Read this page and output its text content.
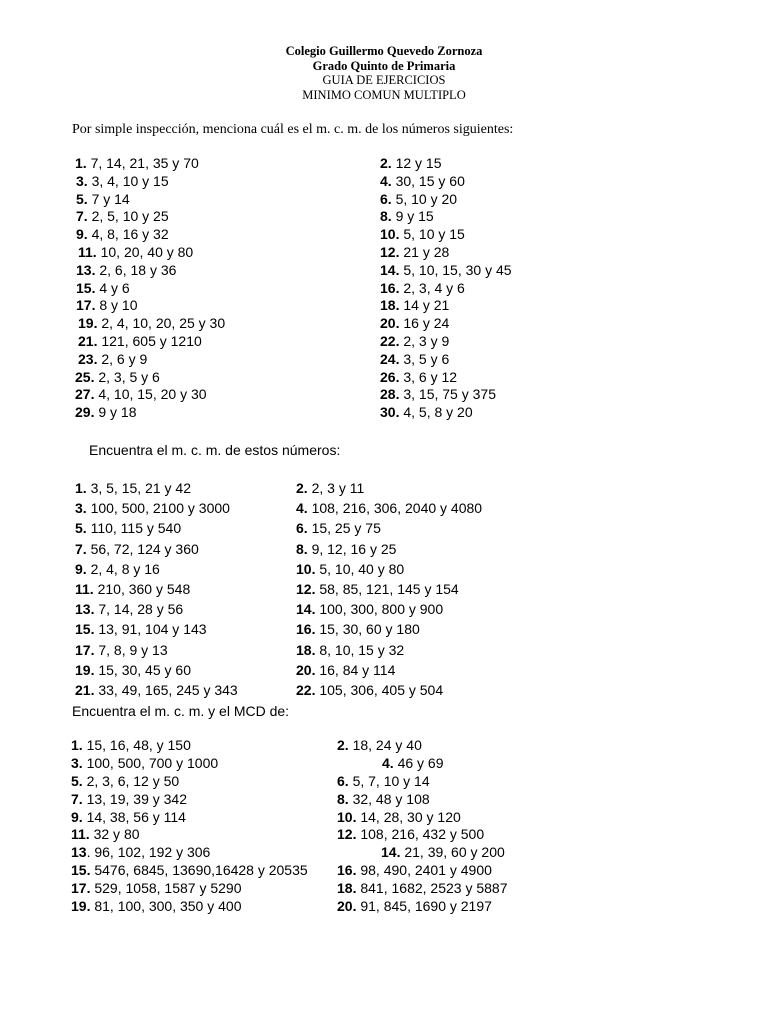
Colegio Guillermo Quevedo Zornoza
Grado Quinto de Primaria
GUIA DE EJERCICIOS
MINIMO COMUN MULTIPLO
Por simple inspección, menciona cuál es el m. c. m. de los números siguientes:
1. 7, 14, 21, 35 y 70
3. 3, 4, 10 y 15
5. 7 y 14
7. 2, 5, 10 y 25
9. 4, 8, 16 y 32
11. 10, 20, 40 y 80
13. 2, 6, 18 y 36
15. 4 y 6
17. 8 y 10
19. 2, 4, 10, 20, 25 y 30
21. 121, 605 y 1210
23. 2, 6 y 9
25. 2, 3, 5 y 6
27. 4, 10, 15, 20 y 30
29. 9 y 18
2. 12 y 15
4. 30, 15 y 60
6. 5, 10 y 20
8. 9 y 15
10. 5, 10 y 15
12. 21 y 28
14. 5, 10, 15, 30 y 45
16. 2, 3, 4 y 6
18. 14 y 21
20. 16 y 24
22. 2, 3 y 9
24. 3, 5 y 6
26. 3, 6 y 12
28. 3, 15, 75 y 375
30. 4, 5, 8 y 20
Encuentra el m. c. m. de estos números:
1. 3, 5, 15, 21 y 42
3. 100, 500, 2100 y 3000
5. 110, 115 y 540
7. 56, 72, 124 y 360
9. 2, 4, 8 y 16
11. 210, 360 y 548
13. 7, 14, 28 y 56
15. 13, 91, 104 y 143
17. 7, 8, 9 y 13
19. 15, 30, 45 y 60
21. 33, 49, 165, 245 y 343
2. 2, 3 y 11
4. 108, 216, 306, 2040 y 4080
6. 15, 25 y 75
8. 9, 12, 16 y 25
10. 5, 10, 40 y 80
12. 58, 85, 121, 145 y 154
14. 100, 300, 800 y 900
16. 15, 30, 60 y 180
18. 8, 10, 15 y 32
20. 16, 84 y 114
22. 105, 306, 405 y 504
Encuentra el m. c. m. y el MCD de:
1. 15, 16, 48, y 150
3. 100, 500, 700 y 1000
5. 2, 3, 6, 12 y 50
7. 13, 19, 39 y 342
9. 14, 38, 56 y 114
11. 32 y 80
13. 96, 102, 192 y 306
15. 5476, 6845, 13690,16428 y 20535
17. 529, 1058, 1587 y 5290
19. 81, 100, 300, 350 y 400
2. 18, 24 y 40
4. 46 y 69
6. 5, 7, 10 y 14
8. 32, 48 y 108
10. 14, 28, 30 y 120
12. 108, 216, 432 y 500
14. 21, 39, 60 y 200
16. 98, 490, 2401 y 4900
18. 841, 1682, 2523 y 5887
20. 91, 845, 1690 y 2197
